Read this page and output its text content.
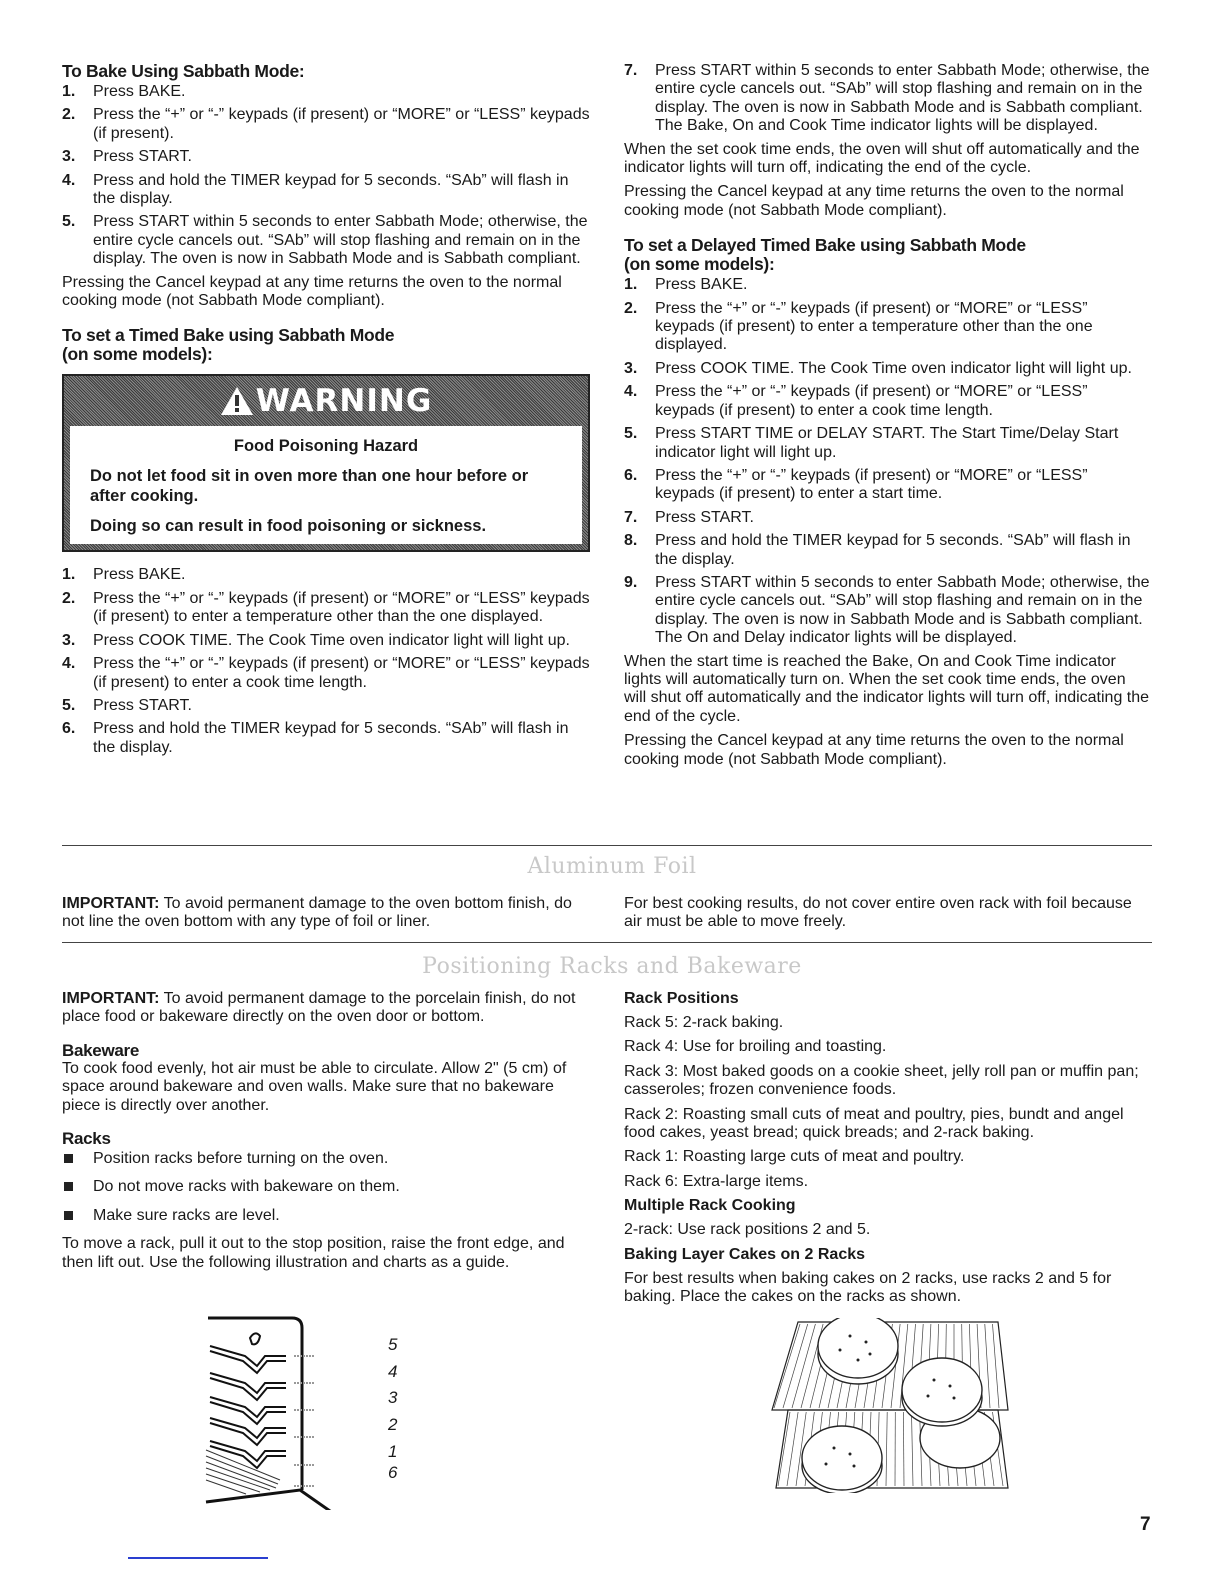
To Bake Using Sabbath Mode:
1. Press BAKE.
2. Press the “+” or “-” keypads (if present) or “MORE” or “LESS” keypads (if present).
3. Press START.
4. Press and hold the TIMER keypad for 5 seconds. “SAb” will flash in the display.
5. Press START within 5 seconds to enter Sabbath Mode; otherwise, the entire cycle cancels out. “SAb” will stop flashing and remain on in the display. The oven is now in Sabbath Mode and is Sabbath compliant.

Pressing the Cancel keypad at any time returns the oven to the normal cooking mode (not Sabbath Mode compliant).

To set a Timed Bake using Sabbath Mode
(on some models):
WARNING
Food Poisoning Hazard

Do not let food sit in oven more than one hour before or after cooking.

Doing so can result in food poisoning or sickness.

1. Press BAKE.
2. Press the “+” or “-” keypads (if present) or “MORE” or “LESS” keypads (if present) to enter a temperature other than the one displayed.
3. Press COOK TIME. The Cook Time oven indicator light will light up.
4. Press the “+” or “-” keypads (if present) or “MORE” or “LESS” keypads (if present) to enter a cook time length.
5. Press START.
6. Press and hold the TIMER keypad for 5 seconds. “SAb” will flash in the display.
7. Press START within 5 seconds to enter Sabbath Mode; otherwise, the entire cycle cancels out. “SAb” will stop flashing and remain on in the display. The oven is now in Sabbath Mode and is Sabbath compliant. The Bake, On and Cook Time indicator lights will be displayed.

When the set cook time ends, the oven will shut off automatically and the indicator lights will turn off, indicating the end of the cycle.

Pressing the Cancel keypad at any time returns the oven to the normal cooking mode (not Sabbath Mode compliant).

To set a Delayed Timed Bake using Sabbath Mode
(on some models):
1. Press BAKE.
2. Press the “+” or “-” keypads (if present) or “MORE” or “LESS” keypads (if present) to enter a temperature other than the one displayed.
3. Press COOK TIME. The Cook Time oven indicator light will light up.
4. Press the “+” or “-” keypads (if present) or “MORE” or “LESS” keypads (if present) to enter a cook time length.
5. Press START TIME or DELAY START. The Start Time/Delay Start indicator light will light up.
6. Press the “+” or “-” keypads (if present) or “MORE” or “LESS” keypads (if present) to enter a start time.
7. Press START.
8. Press and hold the TIMER keypad for 5 seconds. “SAb” will flash in the display.
9. Press START within 5 seconds to enter Sabbath Mode; otherwise, the entire cycle cancels out. “SAb” will stop flashing and remain on in the display. The oven is now in Sabbath Mode and is Sabbath compliant. The On and Delay indicator lights will be displayed.

When the start time is reached the Bake, On and Cook Time indicator lights will automatically turn on. When the set cook time ends, the oven will shut off automatically and the indicator lights will turn off, indicating the end of the cycle.

Pressing the Cancel keypad at any time returns the oven to the normal cooking mode (not Sabbath Mode compliant).

Aluminum Foil

IMPORTANT: To avoid permanent damage to the oven bottom finish, do not line the oven bottom with any type of foil or liner.

For best cooking results, do not cover entire oven rack with foil because air must be able to move freely.

Positioning Racks and Bakeware

IMPORTANT: To avoid permanent damage to the porcelain finish, do not place food or bakeware directly on the oven door or bottom.

Bakeware

To cook food evenly, hot air must be able to circulate. Allow 2" (5 cm) of space around bakeware and oven walls. Make sure that no bakeware piece is directly over another.

Racks
Position racks before turning on the oven.
Do not move racks with bakeware on them.
Make sure racks are level.

To move a rack, pull it out to the stop position, raise the front edge, and then lift out. Use the following illustration and charts as a guide.

5
4
3
2
1
6
Rack Positions

Rack 5: 2-rack baking.

Rack 4: Use for broiling and toasting.

Rack 3: Most baked goods on a cookie sheet, jelly roll pan or muffin pan; casseroles; frozen convenience foods.

Rack 2: Roasting small cuts of meat and poultry, pies, bundt and angel food cakes, yeast bread; quick breads; and 2-rack baking.

Rack 1: Roasting large cuts of meat and poultry.

Rack 6: Extra-large items.

Multiple Rack Cooking

2-rack: Use rack positions 2 and 5.

Baking Layer Cakes on 2 Racks

For best results when baking cakes on 2 racks, use racks 2 and 5 for baking. Place the cakes on the racks as shown.

7
